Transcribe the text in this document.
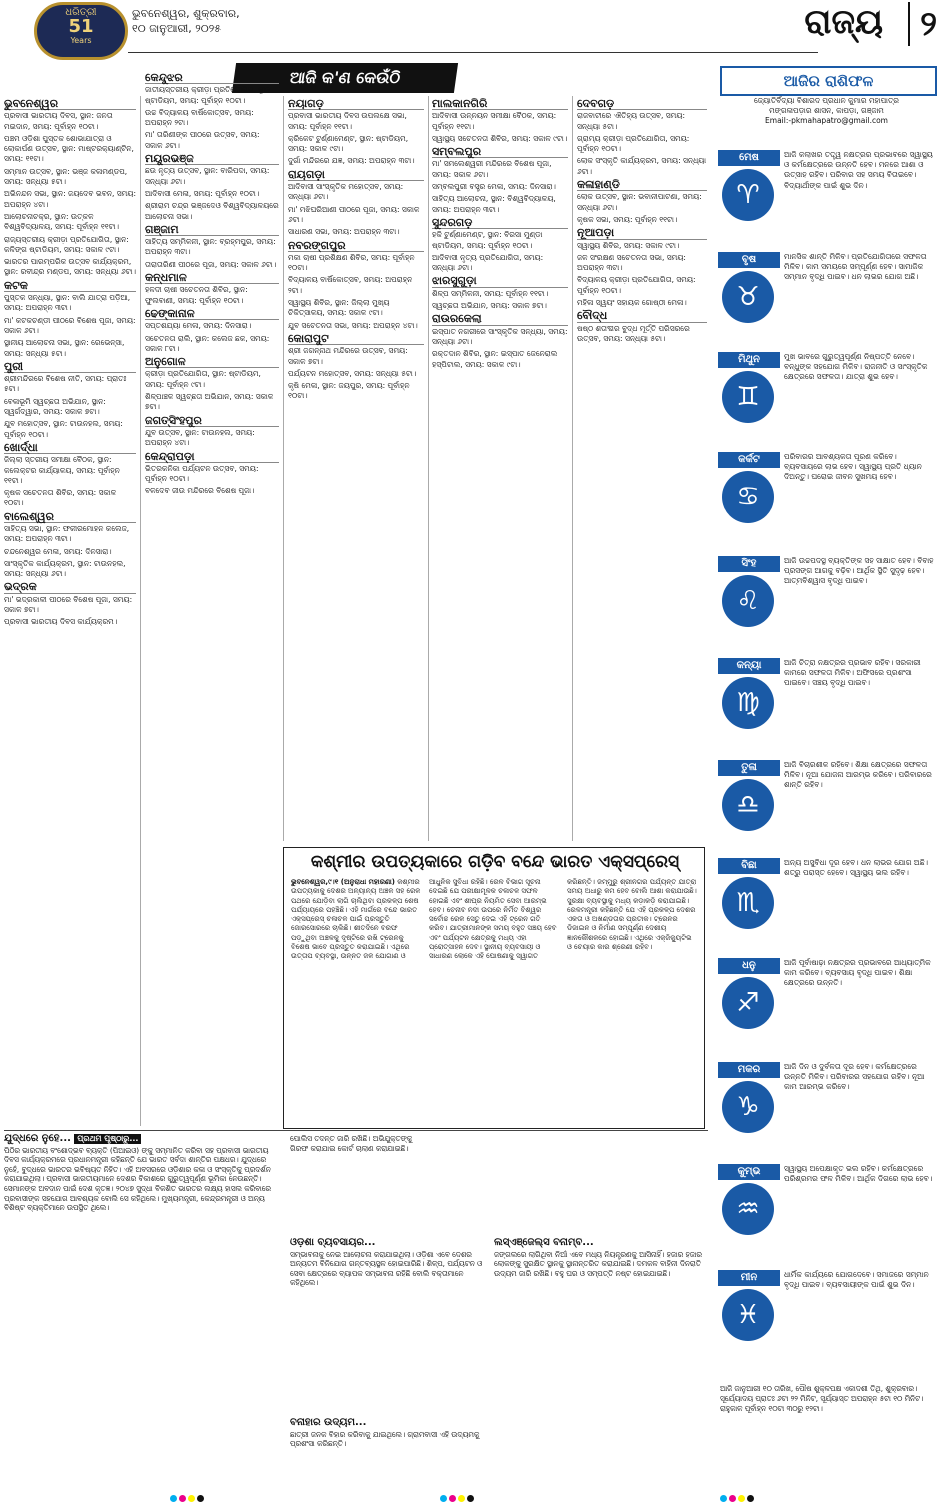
ଧରିତ୍ରୀ
51
Years
ଭୁବନେଶ୍ୱର, ଶୁକ୍ରବାର,
୧୦ ଜାନୁଆରୀ, ୨୦୨୫	ରାଜ୍ୟ	୨
ଆଜି କ'ଣ କେଉଁଠି
ଭୁବନେଶ୍ୱର

ପ୍ରବାସୀ ଭାରତୀୟ ଦିବସ, ସ୍ଥାନ: ଜନତା ମଇଦାନ, ସମୟ: ପୂର୍ବାହ୍ନ ୧୦ଟା।

ପଞ୍ଚମ ଓଡ଼ିଶା ପୁସ୍ତକ ଶୋଭାଯାତ୍ରା ଓ ଲୋକାର୍ପଣ ଉତ୍ସବ, ସ୍ଥାନ: ମାଷ୍ଟରକ୍ୟାଣ୍ଟିନ, ସମୟ: ୧୧ଟା।

ସମ୍ମାନ ଉତ୍ସବ, ସ୍ଥାନ: ଭଞ୍ଜ କଳାମଣ୍ଡପ, ସମୟ: ସନ୍ଧ୍ୟା ୫ଟା।

ଅଭିନନ୍ଦନ ସଭା, ସ୍ଥାନ: ଜୟଦେବ ଭବନ, ସମୟ: ଅପରାହ୍ନ ୪ଟା।

ଆଲୋଚନାଚକ୍ର, ସ୍ଥାନ: ଉତ୍କଳ ବିଶ୍ୱବିଦ୍ୟାଳୟ, ସମୟ: ପୂର୍ବାହ୍ନ ୧୧ଟା।

ରାଜ୍ୟସ୍ତରୀୟ କ୍ରୀଡ଼ା ପ୍ରତିଯୋଗିତା, ସ୍ଥାନ: କଳିଙ୍ଗ ଷ୍ଟାଡିୟମ, ସମୟ: ସକାଳ ୯ଟା।

ଭାରତର ପାରମ୍ପରିକ ଉତ୍ସବ କାର୍ଯ୍ୟକ୍ରମ, ସ୍ଥାନ: ରବୀନ୍ଦ୍ର ମଣ୍ଡପ, ସମୟ: ସନ୍ଧ୍ୟା ୬ଟା।

କଟକ

ପୁସ୍ତକ ସନ୍ଧ୍ୟା, ସ୍ଥାନ: ବାଲି ଯାତ୍ରା ପଡ଼ିଆ, ସମୟ: ଅପରାହ୍ନ ୩ଟା।

ମା' କଟକଚଣ୍ଡୀ ପୀଠରେ ବିଶେଷ ପୂଜା, ସମୟ: ସକାଳ ୬ଟା।

ସ୍ଥାନୀୟ ଆଲୋଚନା ସଭା, ସ୍ଥାନ: ରେଭେନ୍ସା, ସମୟ: ସନ୍ଧ୍ୟା ୫ଟା।

ପୁରୀ

ଶ୍ରୀମନ୍ଦିରରେ ବିଶେଷ ନୀତି, ସମୟ: ପ୍ରାତଃ ୫ଟା।

ବେଳାଭୂମି ସ୍ୱଚ୍ଛତା ଅଭିଯାନ, ସ୍ଥାନ: ସ୍ୱର୍ଗଦ୍ୱାର, ସମୟ: ସକାଳ ୭ଟା।

ଯୁବ ମହୋତ୍ସବ, ସ୍ଥାନ: ଟାଉନହଲ, ସମୟ: ପୂର୍ବାହ୍ନ ୧୦ଟା।

ଖୋର୍ଦ୍ଧା

ଜିଲ୍ଲା ସ୍ତରୀୟ ସମୀକ୍ଷା ବୈଠକ, ସ୍ଥାନ: କଲେକ୍ଟର କାର୍ଯ୍ୟାଳୟ, ସମୟ: ପୂର୍ବାହ୍ନ ୧୧ଟା।

କୃଷକ ସଚେତନତା ଶିବିର, ସମୟ: ସକାଳ ୧୦ଟା।

ବାଲେଶ୍ୱର

ସାହିତ୍ୟ ସଭା, ସ୍ଥାନ: ଫକୀରମୋହନ କଲେଜ, ସମୟ: ଅପରାହ୍ନ ୩ଟା।

ଚନ୍ଦନେଶ୍ୱର ମେଳା, ସମୟ: ଦିନସାରା।

ସାଂସ୍କୃତିକ କାର୍ଯ୍ୟକ୍ରମ, ସ୍ଥାନ: ଟାଉନହଲ, ସମୟ: ସନ୍ଧ୍ୟା ୬ଟା।

ଭଦ୍ରକ

ମା' ଭଦ୍ରକାଳୀ ପୀଠରେ ବିଶେଷ ପୂଜା, ସମୟ: ସକାଳ ୭ଟା।

ପ୍ରବାସୀ ଭାରତୀୟ ଦିବସ କାର୍ଯ୍ୟକ୍ରମ।

କେନ୍ଦୁଝର

ଜାତୀୟସ୍ତରୀୟ କ୍ରୀଡ଼ା ପ୍ରତିଯୋଗିତା, ସ୍ଥାନ: ଷ୍ଟାଡିୟମ, ସମୟ: ପୂର୍ବାହ୍ନ ୧୦ଟା।

ଉଚ୍ଚ ବିଦ୍ୟାଳୟ ବାର୍ଷିକୋତ୍ସବ, ସମୟ: ଅପରାହ୍ନ ୨ଟା।

ମା' ତାରିଣୀଙ୍କ ପୀଠରେ ଉତ୍ସବ, ସମୟ: ସକାଳ ୬ଟା।

ମୟୂରଭଞ୍ଜ

ଛଉ ନୃତ୍ୟ ଉତ୍ସବ, ସ୍ଥାନ: ବାରିପଦା, ସମୟ: ସନ୍ଧ୍ୟା ୬ଟା।

ଆଦିବାସୀ ମେଳା, ସମୟ: ପୂର୍ବାହ୍ନ ୧୦ଟା।

ଶ୍ରୀରାମ ଚନ୍ଦ୍ର ଭଞ୍ଜଦେଓ ବିଶ୍ୱବିଦ୍ୟାଳୟରେ ଆଲୋଚନା ସଭା।

ଗଞ୍ଜାମ

ସାହିତ୍ୟ ସମ୍ମିଳନୀ, ସ୍ଥାନ: ବ୍ରହ୍ମପୁର, ସମୟ: ଅପରାହ୍ନ ୩ଟା।

ତାରାତାରିଣୀ ପୀଠରେ ପୂଜା, ସମୟ: ସକାଳ ୬ଟା।

କନ୍ଧମାଳ

ହଳଦୀ ଚାଷୀ ସଚେତନତା ଶିବିର, ସ୍ଥାନ: ଫୁଲବାଣୀ, ସମୟ: ପୂର୍ବାହ୍ନ ୧୦ଟା।

ଢେଙ୍କାନାଳ

ସପ୍ତଶଯ୍ୟା ମେଳା, ସମୟ: ଦିନସାରା।

ସଚେତନତା ରାଲି, ସ୍ଥାନ: କଲେଜ ଛକ, ସମୟ: ସକାଳ ୮ଟା।

ଅନୁଗୋଳ

କ୍ରୀଡ଼ା ପ୍ରତିଯୋଗିତା, ସ୍ଥାନ: ଷ୍ଟାଡିୟମ, ସମୟ: ପୂର୍ବାହ୍ନ ୯ଟା।

ଶିଳ୍ପାଞ୍ଚଳ ସ୍ୱଚ୍ଛତା ଅଭିଯାନ, ସମୟ: ସକାଳ ୭ଟା।

ଜଗତ୍‌ସିଂହପୁର

ଯୁବ ଉତ୍ସବ, ସ୍ଥାନ: ଟାଉନହଲ, ସମୟ: ଅପରାହ୍ନ ୪ଟା।

କେନ୍ଦ୍ରାପଡ଼ା

ଭିତରକନିକା ପର୍ଯ୍ୟଟନ ଉତ୍ସବ, ସମୟ: ପୂର୍ବାହ୍ନ ୧୦ଟା।

ବଳଦେବ ଜୀଉ ମନ୍ଦିରରେ ବିଶେଷ ପୂଜା।

ନୟାଗଡ଼

ପ୍ରବାସୀ ଭାରତୀୟ ଦିବସ ଉପଲକ୍ଷେ ସଭା, ସମୟ: ପୂର୍ବାହ୍ନ ୧୧ଟା।

କ୍ରିକେଟ ଟୁର୍ଣ୍ଣାମେଣ୍ଟ, ସ୍ଥାନ: ଷ୍ଟାଡିୟମ, ସମୟ: ସକାଳ ୯ଟା।

ଦୁର୍ଗା ମନ୍ଦିରରେ ଯଜ୍ଞ, ସମୟ: ଅପରାହ୍ନ ୩ଟା।

ରାୟଗଡ଼ା

ଆଦିବାସୀ ସାଂସ୍କୃତିକ ମହୋତ୍ସବ, ସମୟ: ସନ୍ଧ୍ୟା ୬ଟା।

ମା' ମଝିଘରିଆଣୀ ପୀଠରେ ପୂଜା, ସମୟ: ସକାଳ ୬ଟା।

ସାଧାରଣ ସଭା, ସମୟ: ଅପରାହ୍ନ ୩ଟା।

ନବରଙ୍ଗପୁର

ମକା ଚାଷୀ ପ୍ରଶିକ୍ଷଣ ଶିବିର, ସମୟ: ପୂର୍ବାହ୍ନ ୧୦ଟା।

ବିଦ୍ୟାଳୟ ବାର୍ଷିକୋତ୍ସବ, ସମୟ: ଅପରାହ୍ନ ୨ଟା।

ସ୍ୱାସ୍ଥ୍ୟ ଶିବିର, ସ୍ଥାନ: ଜିଲ୍ଲା ମୁଖ୍ୟ ଚିକିତ୍ସାଳୟ, ସମୟ: ସକାଳ ୯ଟା।

ଯୁବ ସଚେତନତା ସଭା, ସମୟ: ଅପରାହ୍ନ ୪ଟା।

କୋରାପୁଟ

ଶ୍ରୀ ଜଗନ୍ନାଥ ମନ୍ଦିରରେ ଉତ୍ସବ, ସମୟ: ସକାଳ ୭ଟା।

ପର୍ଯ୍ୟଟନ ମହୋତ୍ସବ, ସମୟ: ସନ୍ଧ୍ୟା ୫ଟା।

କୃଷି ମେଳା, ସ୍ଥାନ: ଜୟପୁର, ସମୟ: ପୂର୍ବାହ୍ନ ୧୦ଟା।

ମାଲକାନଗିରି

ଆଦିବାସୀ ଉନ୍ନୟନ ସମୀକ୍ଷା ବୈଠକ, ସମୟ: ପୂର୍ବାହ୍ନ ୧୧ଟା।

ସ୍ୱାସ୍ଥ୍ୟ ସଚେତନତା ଶିବିର, ସମୟ: ସକାଳ ୯ଟା।

ସମ୍ବଲପୁର

ମା' ସମଲେଶ୍ୱରୀ ମନ୍ଦିରରେ ବିଶେଷ ପୂଜା, ସମୟ: ସକାଳ ୬ଟା।

ସମ୍ବଲପୁରୀ ବସ୍ତ୍ର ମେଳା, ସମୟ: ଦିନସାରା।

ସାହିତ୍ୟ ଆଲୋଚନା, ସ୍ଥାନ: ବିଶ୍ୱବିଦ୍ୟାଳୟ, ସମୟ: ଅପରାହ୍ନ ୩ଟା।

ସୁନ୍ଦରଗଡ଼

ହକି ଟୁର୍ଣ୍ଣାମେଣ୍ଟ, ସ୍ଥାନ: ବିରସା ମୁଣ୍ଡା ଷ୍ଟାଡିୟମ, ସମୟ: ପୂର୍ବାହ୍ନ ୧୦ଟା।

ଆଦିବାସୀ ନୃତ୍ୟ ପ୍ରତିଯୋଗିତା, ସମୟ: ସନ୍ଧ୍ୟା ୬ଟା।

ଝାରସୁଗୁଡ଼ା

ଶିଳ୍ପ ସମ୍ମିଳନୀ, ସମୟ: ପୂର୍ବାହ୍ନ ୧୧ଟା।

ସ୍ୱଚ୍ଛତା ଅଭିଯାନ, ସମୟ: ସକାଳ ୭ଟା।

ରାଉରକେଲା

ଇସ୍ପାତ ନଗରୀରେ ସାଂସ୍କୃତିକ ସନ୍ଧ୍ୟା, ସମୟ: ସନ୍ଧ୍ୟା ୬ଟା।

ରକ୍ତଦାନ ଶିବିର, ସ୍ଥାନ: ଇସ୍ପାତ ଜେନେରାଲ ହସ୍ପିଟାଲ, ସମୟ: ସକାଳ ୯ଟା।

ଦେବଗଡ଼

ରାଜବାଟୀରେ ଐତିହ୍ୟ ଉତ୍ସବ, ସମୟ: ସନ୍ଧ୍ୟା ୫ଟା।

ଗ୍ରାମ୍ୟ କ୍ରୀଡ଼ା ପ୍ରତିଯୋଗିତା, ସମୟ: ପୂର୍ବାହ୍ନ ୧୦ଟା।

ଲୋକ ସଂସ୍କୃତି କାର୍ଯ୍ୟକ୍ରମ, ସମୟ: ସନ୍ଧ୍ୟା ୬ଟା।

କଳାହାଣ୍ଡି

ଲୋକ ଉତ୍ସବ, ସ୍ଥାନ: ଭବାନୀପାଟଣା, ସମୟ: ସନ୍ଧ୍ୟା ୬ଟା।

କୃଷକ ସଭା, ସମୟ: ପୂର୍ବାହ୍ନ ୧୧ଟା।

ନୂଆପଡ଼ା

ସ୍ୱାସ୍ଥ୍ୟ ଶିବିର, ସମୟ: ସକାଳ ୯ଟା।

ଜଳ ସଂରକ୍ଷଣ ସଚେତନତା ସଭା, ସମୟ: ଅପରାହ୍ନ ୩ଟା।

ବିଦ୍ୟାଳୟ କ୍ରୀଡ଼ା ପ୍ରତିଯୋଗିତା, ସମୟ: ପୂର୍ବାହ୍ନ ୧୦ଟା।

ମହିଳା ସ୍ୱୟଂ ସହାୟକ ଗୋଷ୍ଠୀ ମେଳା।

ବୌଦ୍ଧ

ଷଷ୍ଠ ଶତାବ୍ଦୀର ବୁଦ୍ଧ ମୂର୍ତ୍ତି ପରିସରରେ ଉତ୍ସବ, ସମୟ: ସନ୍ଧ୍ୟା ୫ଟା।

କଶ୍ମୀର ଉପତ୍ୟକାରେ ଗଡ଼ିବ ବନ୍ଦେ ଭାରତ ଏକ୍ସପ୍ରେସ୍
ଭୁବନେଶ୍ୱର,୯।୧ (ଅନୁରାଧା ମହାରଣା) କଶ୍ମୀର ଉପତ୍ୟକାକୁ ଦେଶର ଅନ୍ୟାନ୍ୟ ଅଞ୍ଚଳ ସହ ରେଳ ପଥରେ ଯୋଡ଼ିବା ଲାଗି ଚାଲିଥିବା ପ୍ରକଳ୍ପ ଶେଷ ପର୍ଯ୍ୟାୟରେ ପହଞ୍ଚିଛି। ଏହି ମାର୍ଗରେ ବନ୍ଦେ ଭାରତ ଏକ୍ସପ୍ରେସ୍ ଚଳାଚଳ ପାଇଁ ପ୍ରସ୍ତୁତି ଜୋରସୋରରେ ଚାଲିଛି। ଶୀତଦିନେ ବରଫ ପଡ଼ୁଥିବା ଅଞ୍ଚଳକୁ ଦୃଷ୍ଟିରେ ରଖି ଟ୍ରେନକୁ ବିଶେଷ ଭାବେ ପ୍ରସ୍ତୁତ କରାଯାଇଛି। ଏଥିରେ ଉତ୍ତାପ ବ୍ୟବସ୍ଥା, ଉନ୍ନତ ଜଳ ଯୋଗାଣ ଓ ଆଧୁନିକ ସୁବିଧା ରହିଛି। ରେଳ ବିଭାଗ ସୂଚନା ଦେଇଛି ଯେ ପରୀକ୍ଷାମୂଳକ ଚଳାଚଳ ସଫଳ ହୋଇଛି ଏବଂ ଶୀଘ୍ର ନିୟମିତ ସେବା ଆରମ୍ଭ ହେବ। ଚେନାବ ନଦୀ ଉପରେ ନିର୍ମିତ ବିଶ୍ୱର ସର୍ବୋଚ୍ଚ ରେଳ ସେତୁ ଦେଇ ଏହି ଟ୍ରେନ ଗତି କରିବ। ଯାତ୍ରୀମାନଙ୍କ ସମୟ ବହୁତ ସଞ୍ଚୟ ହେବ ଏବଂ ପର୍ଯ୍ୟଟନ କ୍ଷେତ୍ରକୁ ମଧ୍ୟ ଏହା ପ୍ରୋତ୍ସାହନ ଦେବ। ସ୍ଥାନୀୟ ବ୍ୟବସାୟୀ ଓ ସାଧାରଣ ଲୋକେ ଏହି ଘୋଷଣାକୁ ସ୍ୱାଗତ କରିଛନ୍ତି। ଜମ୍ମୁରୁ ଶ୍ରୀନଗର ପର୍ଯ୍ୟନ୍ତ ଯାତ୍ରା ସମୟ ଅଧାରୁ କମ ହେବ ବୋଲି ଆଶା କରାଯାଉଛି। ସୁରକ୍ଷା ବ୍ୟବସ୍ଥାକୁ ମଧ୍ୟ କଡ଼ାକଡ଼ି କରାଯାଇଛି। ରେଳମନ୍ତ୍ରୀ କହିଛନ୍ତି ଯେ ଏହି ପ୍ରକଳ୍ପ ଦେଶର ଏକତା ଓ ଅଖଣ୍ଡତାର ପ୍ରତୀକ। ଟ୍ରେନର ଡିଜାଇନ ଓ ନିର୍ମାଣ ସମ୍ପୂର୍ଣ୍ଣ ଦେଶୀୟ ଜ୍ଞାନକୌଶଳରେ ହୋଇଛି। ଏଥିରେ ଏକ୍ଜିକ୍ୟୁଟିଭ ଓ ଚେୟାର କାର ଶ୍ରେଣୀ ରହିବ।
ଆଜିର ରାଶିଫଳ
ଜ୍ୟୋତିର୍ବିଦ୍ୟା ବିଶାରଦ ପ୍ରଧାନ କୁମାର ମହାପାତ୍ର
ମଙ୍ଗଳାପଡ଼ାର ଶାସନ, କାପଡ଼ା, ଗଞ୍ଜାମ
Email:-pkmahapatro@gmail.com
ମେଷ
♈
ଆଜି କଲାଖର ତତ୍ତ୍ୱ ନକ୍ଷତ୍ରର ପ୍ରଭାବରେ ସ୍ୱାସ୍ଥ୍ୟ ଓ କର୍ମକ୍ଷେତ୍ରରେ ଉନ୍ନତି ହେବ। ମନରେ ଆଶା ଓ ଉତ୍ସାହ ରହିବ। ପରିବାର ସହ ସମୟ ବିତାଇବେ। ବିଦ୍ୟାର୍ଥୀଙ୍କ ପାଇଁ ଶୁଭ ଦିନ।
ବୃଷ
♉
ମାନସିକ ଶାନ୍ତି ମିଳିବ। ପ୍ରତିଯୋଗିତାରେ ସଫଳତା ମିଳିବ। କାମ ସମୟରେ ସମ୍ପୂର୍ଣ୍ଣ ହେବ। ସାମାଜିକ ସମ୍ମାନ ବୃଦ୍ଧି ପାଇବ। ଧନ ଲାଭର ଯୋଗ ଅଛି।
ମିଥୁନ
♊
ମୁଖ ଭାବରେ ଗୁରୁତ୍ୱପୂର୍ଣ୍ଣ ନିଷ୍ପତ୍ତି ନେବେ। ବନ୍ଧୁଙ୍କ ସହଯୋଗ ମିଳିବ। ରାଜନୀତି ଓ ସାଂସ୍କୃତିକ କ୍ଷେତ୍ରରେ ସଫଳତା। ଯାତ୍ରା ଶୁଭ ହେବ।
କର୍କଟ
♋
ପରିବାରର ଆବଶ୍ୟକତା ପୂରଣ କରିବେ। ବ୍ୟବସାୟରେ ଲାଭ ହେବ। ସ୍ୱାସ୍ଥ୍ୟ ପ୍ରତି ଧ୍ୟାନ ଦିଅନ୍ତୁ। ଘରୋଇ ଜୀବନ ସୁଖମୟ ହେବ।
ସିଂହ
♌
ଆଜି ଉଚ୍ଚପଦସ୍ଥ ବ୍ୟକ୍ତିଙ୍କ ସହ ସାକ୍ଷାତ ହେବ। ବିବାହ ପ୍ରସଙ୍ଗ ଆଗକୁ ବଢ଼ିବ। ଆର୍ଥିକ ସ୍ଥିତି ସୁଦୃଢ଼ ହେବ। ଆତ୍ମବିଶ୍ୱାସ ବୃଦ୍ଧି ପାଇବ।
କନ୍ୟା
♍
ଆଜି ଚିତ୍ରା ନକ୍ଷତ୍ରର ପ୍ରଭାବ ରହିବ। ସରକାରୀ କାମରେ ସଫଳତା ମିଳିବ। ଅଫିସରେ ପ୍ରଶଂସା ପାଇବେ। ସଞ୍ଚୟ ବୃଦ୍ଧି ପାଇବ।
ତୁଳା
♎
ଆଜି ବିଚାରଶୀଳ ରହିବେ। ଶିକ୍ଷା କ୍ଷେତ୍ରରେ ସଫଳତା ମିଳିବ। ନୂଆ ଯୋଜନା ଆରମ୍ଭ କରିବେ। ପରିବାରରେ ଶାନ୍ତି ରହିବ।
ବିଛା
♏
ଅନ୍ୟ ଅସୁବିଧା ଦୂର ହେବ। ଧନ ଲାଭର ଯୋଗ ଅଛି। ଶତ୍ରୁ ପରାସ୍ତ ହେବେ। ସ୍ୱାସ୍ଥ୍ୟ ଭଲ ରହିବ।
ଧନୁ
♐
ଆଜି ପୂର୍ବାଷାଢ଼ା ନକ୍ଷତ୍ରର ପ୍ରଭାବରେ ଆଧ୍ୟାତ୍ମିକ କାମ କରିବେ। ବ୍ୟବସାୟ ବୃଦ୍ଧି ପାଇବ। ଶିକ୍ଷା କ୍ଷେତ୍ରରେ ଉନ୍ନତି।
ମକର
♑
ଆଜି ଦିନ ଓ ଦୁର୍ବଳତା ଦୂର ହେବ। କର୍ମକ୍ଷେତ୍ରରେ ଉନ୍ନତି ମିଳିବ। ପରିବାରର ସହଯୋଗ ରହିବ। ନୂଆ କାମ ଆରମ୍ଭ କରିବେ।
କୁମ୍ଭ
♒
ସ୍ୱାସ୍ଥ୍ୟ ଅପେକ୍ଷାକୃତ ଭଲ ରହିବ। କର୍ମକ୍ଷେତ୍ରରେ ପରିଶ୍ରମର ଫଳ ମିଳିବ। ଆର୍ଥିକ ଦିଗରେ ଲାଭ ହେବ।
ମୀନ
♓
ଧାର୍ମିକ କାର୍ଯ୍ୟରେ ଯୋଗଦେବେ। ସମାଜରେ ସମ୍ମାନ ବୃଦ୍ଧି ପାଇବ। ବ୍ୟବସାୟୀଙ୍କ ପାଇଁ ଶୁଭ ଦିନ।
ଆଜି ଜାନୁଆରୀ ୧୦ ତାରିଖ, ପୌଷ ଶୁକ୍ଳପକ୍ଷ ଏକାଦଶୀ ତିଥି, ଶୁକ୍ରବାର। ସୂର୍ଯ୍ୟୋଦୟ ପ୍ରାତଃ ୬ଟା ୨୨ ମିନିଟ, ସୂର୍ଯ୍ୟାସ୍ତ ଅପରାହ୍ନ ୫ଟା ୧୦ ମିନିଟ। ରାହୁକାଳ ପୂର୍ବାହ୍ନ ୧୦ଟା ୩୦ରୁ ୧୨ଟା।
ଯୁଦ୍ଧରେ ନୁହେଁ... ପ୍ରଥମ ପୃଷ୍ଠାରୁ...
ପିଠିର ଭାରତୀୟ ବଂଶୋଦ୍ଭବ ବ୍ୟକ୍ତି (ପିଆଇଓ) ଙ୍କୁ ସମ୍ମାନିତ କରିବା ସହ ପ୍ରବାସୀ ଭାରତୀୟ ଦିବସ କାର୍ଯ୍ୟକ୍ରମରେ ପ୍ରଧାନମନ୍ତ୍ରୀ କହିଛନ୍ତି ଯେ ଭାରତ ସର୍ବଦା ଶାନ୍ତିର ପକ୍ଷଧର। ଯୁଦ୍ଧରେ ନୁହେଁ, ବୁଦ୍ଧରେ ଭାରତର ଭବିଷ୍ୟତ ନିହିତ। ଏହି ଅବସରରେ ଓଡ଼ିଶାର କଳା ଓ ସଂସ୍କୃତିକୁ ପ୍ରଦର୍ଶନ କରାଯାଇଥିଲା। ପ୍ରବାସୀ ଭାରତୀୟମାନେ ଦେଶର ବିକାଶରେ ଗୁରୁତ୍ୱପୂର୍ଣ୍ଣ ଭୂମିକା ନେଉଛନ୍ତି। ସେମାନଙ୍କ ଅବଦାନ ପାଇଁ ଦେଶ କୃତଜ୍ଞ। ୨୦୪୭ ସୁଦ୍ଧା ବିକଶିତ ଭାରତର ଲକ୍ଷ୍ୟ ହାସଲ କରିବାରେ ପ୍ରବାସୀଙ୍କ ସହଯୋଗ ଆବଶ୍ୟକ ବୋଲି ସେ କହିଥିଲେ। ମୁଖ୍ୟମନ୍ତ୍ରୀ, କେନ୍ଦ୍ରମନ୍ତ୍ରୀ ଓ ଅନ୍ୟ ବିଶିଷ୍ଟ ବ୍ୟକ୍ତିମାନେ ଉପସ୍ଥିତ ଥିଲେ।
ପୋଲିସ ତଦନ୍ତ ଜାରି ରଖିଛି। ଅଭିଯୁକ୍ତଙ୍କୁ ଗିରଫ କରାଯାଇ କୋର୍ଟ ଚାଲାଣ କରାଯାଇଛି।
ଓଡ଼ିଶା ବ୍ୟବସାୟର...
ସମ୍ଭାବନାକୁ ନେଇ ଆଲୋଚନା କରାଯାଇଥିଲା। ଓଡ଼ିଶା ଏବେ ଦେଶର ଅନ୍ୟତମ ବିନିଯୋଗ ଗନ୍ତବ୍ୟସ୍ଥଳ ହୋଇପାରିଛି। ଶିଳ୍ପ, ପର୍ଯ୍ୟଟନ ଓ ସେବା କ୍ଷେତ୍ରରେ ବ୍ୟାପକ ସମ୍ଭାବନା ରହିଛି ବୋଲି ବକ୍ତାମାନେ କହିଥିଲେ।
ବନାହାର ଉଦ୍ୟମ...
ଛାତ୍ରୀ ଜନକ ବିହାର କରିବାକୁ ଯାଇଥିଲେ। ଗ୍ରାମବାସୀ ଏହି ଉଦ୍ୟମକୁ ପ୍ରଶଂସା କରିଛନ୍ତି।
ଲସ୍‌ଏଞ୍ଜେଲ୍ସ ବନାମ୍ବି...
ଜଙ୍ଗଲରେ ଲାଗିଥିବା ନିଆଁ ଏବେ ମଧ୍ୟ ନିୟନ୍ତ୍ରଣକୁ ଆସିନାହିଁ। ହଜାର ହଜାର ଲୋକଙ୍କୁ ସୁରକ୍ଷିତ ସ୍ଥାନକୁ ସ୍ଥାନାନ୍ତରିତ କରାଯାଇଛି। ଦମକଳ ବାହିନୀ ଦିନରାତି ଉଦ୍ୟମ ଜାରି ରଖିଛି। ବହୁ ଘର ଓ ସମ୍ପତ୍ତି ନଷ୍ଟ ହୋଇଯାଇଛି।
